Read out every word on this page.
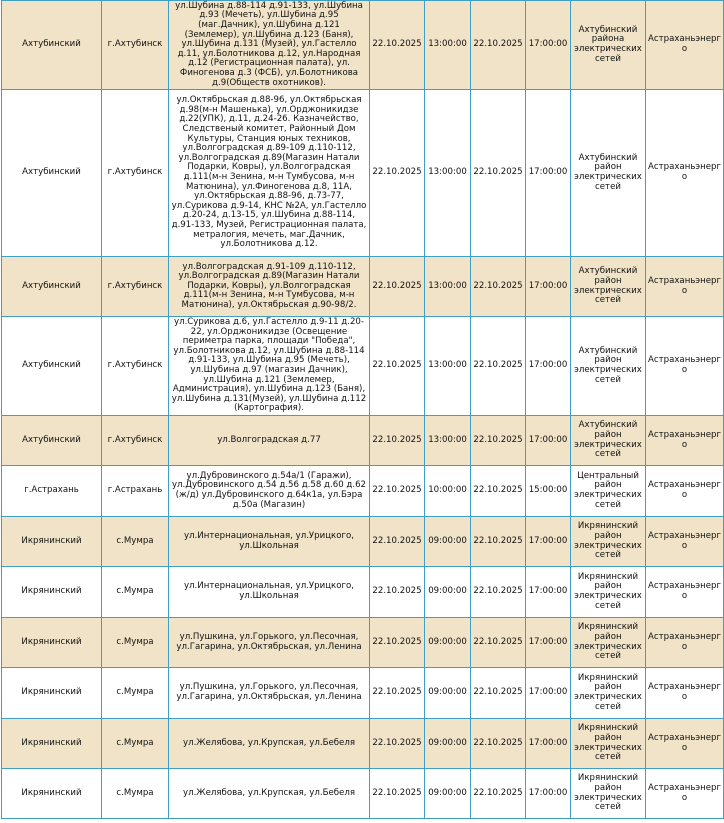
Ахтубинский	г.Ахтубинск	ул.Шубина д.88-114 д.91-133, ул.Шубина д.93 (Мечеть), ул.Шубина д.95 (маг.Дачник), ул.Шубина д.121 (Землемер), ул.Шубина д.123 (Баня), ул.Шубина д.131 (Музей), ул.Гастелло д.11, ул.Болотникова д.12, ул.Народная д.12 (Регистрационная палата), ул. Финогенова д.3 (ФСБ), ул.Болотникова д.9(Обществ охотников).	22.10.2025	13:00:00	22.10.2025	17:00:00	Ахтубинский района электрических сетей	Астраханьэнерго
Ахтубинский	г.Ахтубинск	ул.Октябрьская д.88-96, ул.Октябрьская д.98(м-н Машенька), ул.Орджоникидзе д.22(УПК), д.11, д.24-26. Казначейство, Следственый комитет, Районный Дом Культуры, Станция юных техников, ул.Волгоградская д.89-109 д.110-112, ул.Волгоградская д.89(Магазин Натали Подарки, Ковры), ул.Волгоградская д.111(м-н Зенина, м-н Тумбусова, м-н Матюнина), ул.Финогенова д.8, 11А, ул.Октябрьская д.88-96, д.73-77, ул.Сурикова д.9-14, КНС №2А, ул.Гастелло д.20-24, д.13-15, ул.Шубина д.88-114, д.91-133, Музей, Регистрационная палата, метралогия, мечеть, маг.Дачник, ул.Болотникова д.12.	22.10.2025	13:00:00	22.10.2025	17:00:00	Ахтубинский район электрических сетей	Астраханьэнерго
Ахтубинский	г.Ахтубинск	ул.Волгоградская д.91-109 д.110-112, ул.Волгоградская д.89(Магазин Натали Подарки, Ковры), ул.Волгоградская д.111(м-н Зенина, м-н Тумбусова, м-н Матюнина), ул.Октябрьская д.90-98/2.	22.10.2025	13:00:00	22.10.2025	17:00:00	Ахтубинский район электрических сетей	Астраханьэнерго
Ахтубинский	г.Ахтубинск	ул.Сурикова д.6, ул.Гастелло д.9-11 д.20-22, ул.Орджоникидзе (Освещение периметра парка, площади "Победа", ул.Болотникова д.12, ул.Шубина д.88-114 д.91-133, ул.Шубина д.95 (Мечеть), ул.Шубина д.97 (магазин Дачник), ул.Шубина д.121 (Землемер, Администрация), ул.Шубина д.123 (Баня), ул.Шубина д.131(Музей), ул.Шубина д.112 (Картография).	22.10.2025	13:00:00	22.10.2025	17:00:00	Ахтубинский район электрических сетей	Астраханьэнерго
Ахтубинский	г.Ахтубинск	ул.Волгоградская д.77	22.10.2025	13:00:00	22.10.2025	17:00:00	Ахтубинский район электрических сетей	Астраханьэнерго
г.Астрахань	г.Астрахань	ул.Дубровинского д.54а/1 (Гаражи), ул.Дубровинского д.54 д.56 д.58 д.60 д.62 (ж/д) ул.Дубровинского д.64к1а, ул.Бэра д.50а (Магазин)	22.10.2025	10:00:00	22.10.2025	15:00:00	Центральный район электрических сетей	Астраханьэнерго
Икрянинский	с.Мумра	ул.Интернациональная, ул.Урицкого, ул.Школьная	22.10.2025	09:00:00	22.10.2025	17:00:00	Икрянинский район электрических сетей	Астраханьэнерго
Икрянинский	с.Мумра	ул.Интернациональная, ул.Урицкого, ул.Школьная	22.10.2025	09:00:00	22.10.2025	17:00:00	Икрянинский район электрических сетей	Астраханьэнерго
Икрянинский	с.Мумра	ул.Пушкина, ул.Горького, ул.Песочная, ул.Гагарина, ул.Октябрьская, ул.Ленина	22.10.2025	09:00:00	22.10.2025	17:00:00	Икрянинский район электрических сетей	Астраханьэнерго
Икрянинский	с.Мумра	ул.Пушкина, ул.Горького, ул.Песочная, ул.Гагарина, ул.Октябрьская, ул.Ленина	22.10.2025	09:00:00	22.10.2025	17:00:00	Икрянинский район электрических сетей	Астраханьэнерго
Икрянинский	с.Мумра	ул.Желябова, ул.Крупская, ул.Бебеля	22.10.2025	09:00:00	22.10.2025	17:00:00	Икрянинский район электрических сетей	Астраханьэнерго
Икрянинский	с.Мумра	ул.Желябова, ул.Крупская, ул.Бебеля	22.10.2025	09:00:00	22.10.2025	17:00:00	Икрянинский район электрических сетей	Астраханьэнерго
